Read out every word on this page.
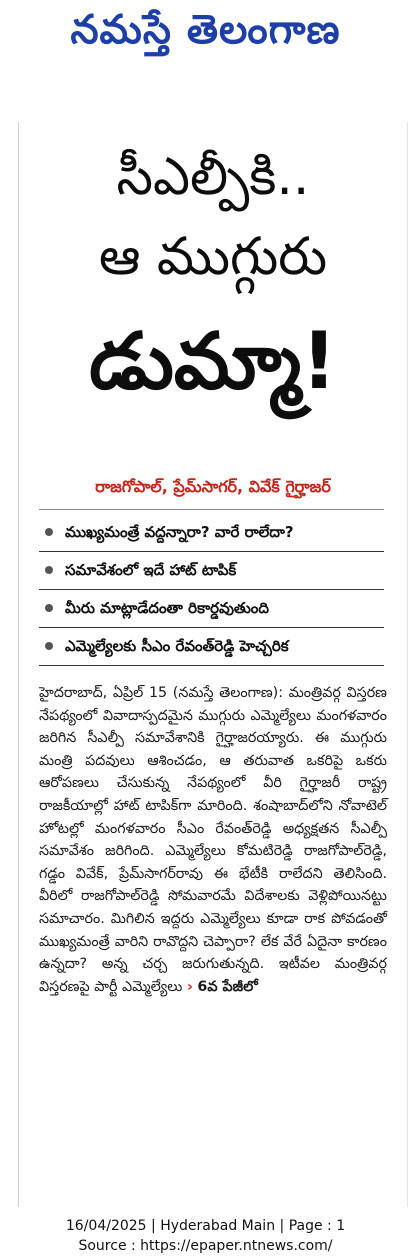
నమస్తే తెలంగాణ
సీఎల్పీకి..
ఆ ముగ్గురు
డుమ్మా!
రాజగోపాల్‌, ప్రేమ్‌సాగర్‌, వివేక్‌ గైర్హాజర్‌
ముఖ్యమంత్రే వద్దన్నారా? వారే రాలేదా?
సమావేశంలో ఇదే హాట్‌ టాపిక్‌
మీరు మాట్లాడేదంతా రికార్డవుతుంది
ఎమ్మెల్యేలకు సీఎం రేవంత్‌రెడ్డి హెచ్చరిక
హైదరాబాద్‌, ఏప్రిల్‌ 15 (నమస్తే తెలంగాణ): మంత్రివర్గ విస్తరణ నేపథ్యంలో వివాదాస్పదమైన ముగ్గురు ఎమ్మెల్యేలు మంగళవారం జరిగిన సీఎల్పీ సమావేశానికి గైర్హాజరయ్యారు. ఈ ముగ్గురు మంత్రి పదవులు ఆశించడం, ఆ తరువాత ఒకరిపై ఒకరు ఆరోపణలు చేసుకున్న నేపథ్యంలో వీరి గైర్హాజరీ రాష్ట్ర రాజకీయాల్లో హాట్‌ టాపిక్‌గా మారింది. శంషాబాద్‌లోని నోవాటెల్‌ హోటల్లో మంగళవారం సీఎం రేవంత్‌రెడ్డి అధ్యక్షతన సీఎల్పీ సమావేశం జరిగింది. ఎమ్మెల్యేలు కోమటిరెడ్డి రాజగోపాల్‌రెడ్డి, గడ్డం వివేక్‌, ప్రేమ్‌సాగర్‌రావు ఈ భేటీకి రాలేదని తెలిసింది. వీరిలో రాజగోపాల్‌రెడ్డి సోమవారమే విదేశాలకు వెళ్లిపోయినట్టు సమాచారం. మిగిలిన ఇద్దరు ఎమ్మెల్యేలు కూడా రాక పోవడంతో ముఖ్యమంత్రే వారిని రావొద్దని చెప్పారా? లేక వేరే ఏదైనా కారణం ఉన్నదా? అన్న చర్చ జరుగుతున్నది. ఇటీవల మంత్రివర్గ విస్తరణపై పార్టీ ఎమ్మెల్యేలు › 6వ పేజీలో
16/04/2025 | Hyderabad Main | Page : 1
Source : https://epaper.ntnews.com/
